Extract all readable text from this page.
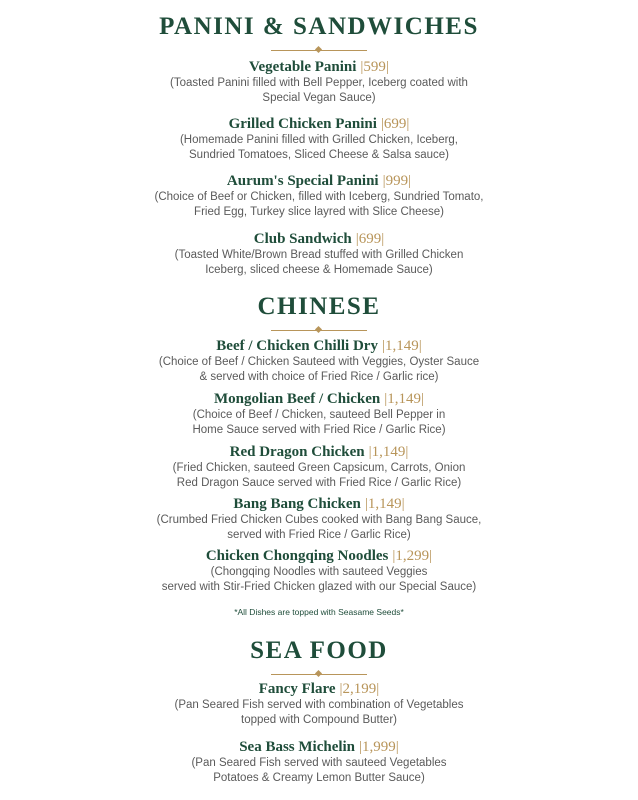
PANINI & SANDWICHES
Vegetable Panini |599|
(Toasted Panini filled with Bell Pepper, Iceberg coated with
Special Vegan Sauce)
Grilled Chicken Panini |699|
(Homemade Panini filled with Grilled Chicken, Iceberg,
Sundried Tomatoes, Sliced Cheese & Salsa sauce)
Aurum's Special Panini |999|
(Choice of Beef or Chicken, filled with Iceberg, Sundried Tomato,
Fried Egg, Turkey slice layred with Slice Cheese)
Club Sandwich |699|
(Toasted White/Brown Bread stuffed with Grilled Chicken
Iceberg, sliced cheese & Homemade Sauce)
CHINESE
Beef / Chicken Chilli Dry |1,149|
(Choice of Beef / Chicken Sauteed with Veggies, Oyster Sauce
& served with choice of Fried Rice / Garlic rice)
Mongolian Beef / Chicken |1,149|
(Choice of Beef / Chicken, sauteed Bell Pepper in
Home Sauce served with Fried Rice / Garlic Rice)
Red Dragon Chicken |1,149|
(Fried Chicken, sauteed Green Capsicum, Carrots, Onion
Red Dragon Sauce served with Fried Rice / Garlic Rice)
Bang Bang Chicken |1,149|
(Crumbed Fried Chicken Cubes cooked with Bang Bang Sauce,
served with Fried Rice / Garlic Rice)
Chicken Chongqing Noodles |1,299|
(Chongqing Noodles with sauteed Veggies
served with Stir-Fried Chicken glazed with our Special Sauce)
*All Dishes are topped with Seasame Seeds*
SEA FOOD
Fancy Flare |2,199|
(Pan Seared Fish served with combination of Vegetables
topped with Compound Butter)
Sea Bass Michelin |1,999|
(Pan Seared Fish served with sauteed Vegetables
Potatoes & Creamy Lemon Butter Sauce)
